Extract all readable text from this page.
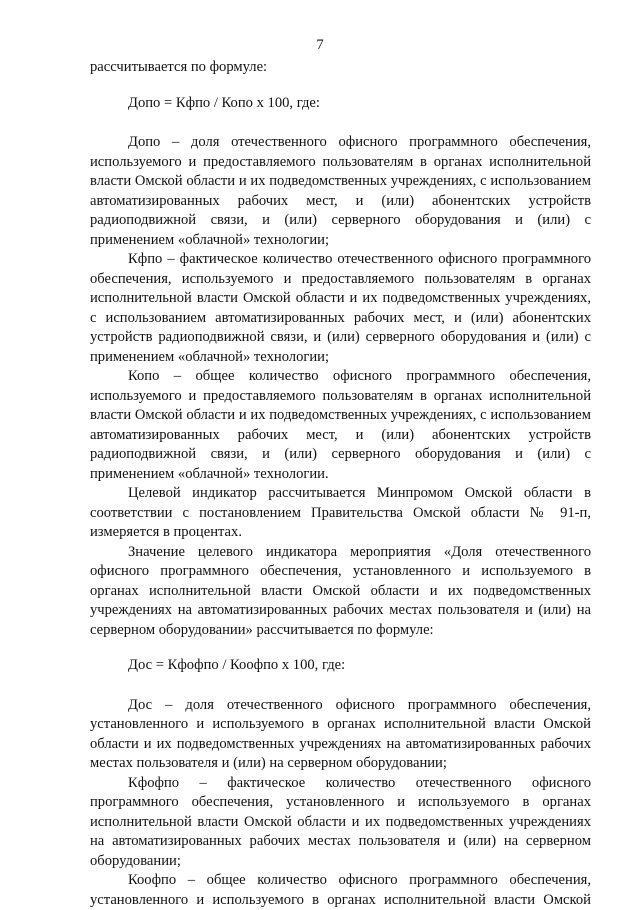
7

рассчитывается по формуле:

Допо = Кфпо / Копо х 100, где:

Допо – доля отечественного офисного программного обеспечения, используемого и предоставляемого пользователям в органах исполнительной власти Омской области и их подведомственных учреждениях, с использованием автоматизированных рабочих мест, и (или) абонентских устройств радиоподвижной связи, и (или) серверного оборудования и (или) с применением «облачной» технологии;

Кфпо – фактическое количество отечественного офисного программного обеспечения, используемого и предоставляемого пользователям в органах исполнительной власти Омской области и их подведомственных учреждениях, с использованием автоматизированных рабочих мест, и (или) абонентских устройств радиоподвижной связи, и (или) серверного оборудования и (или) с применением «облачной» технологии;

Копо – общее количество офисного программного обеспечения, используемого и предоставляемого пользователям в органах исполнительной власти Омской области и их подведомственных учреждениях, с использованием автоматизированных рабочих мест, и (или) абонентских устройств радиоподвижной связи, и (или) серверного оборудования и (или) с применением «облачной» технологии.

Целевой индикатор рассчитывается Минпромом Омской области в соответствии с постановлением Правительства Омской области № 91-п, измеряется в процентах.

Значение целевого индикатора мероприятия «Доля отечественного офисного программного обеспечения, установленного и используемого в органах исполнительной власти Омской области и их подведомственных учреждениях на автоматизированных рабочих местах пользователя и (или) на серверном оборудовании» рассчитывается по формуле:

Дос = Кфофпо / Коофпо х 100, где:

Дос – доля отечественного офисного программного обеспечения, установленного и используемого в органах исполнительной власти Омской области и их подведомственных учреждениях на автоматизированных рабочих местах пользователя и (или) на серверном оборудовании;

Кфофпо – фактическое количество отечественного офисного программного обеспечения, установленного и используемого в органах исполнительной власти Омской области и их подведомственных учреждениях на автоматизированных рабочих местах пользователя и (или) на серверном оборудовании;

Коофпо – общее количество офисного программного обеспечения, установленного и используемого в органах исполнительной власти Омской
